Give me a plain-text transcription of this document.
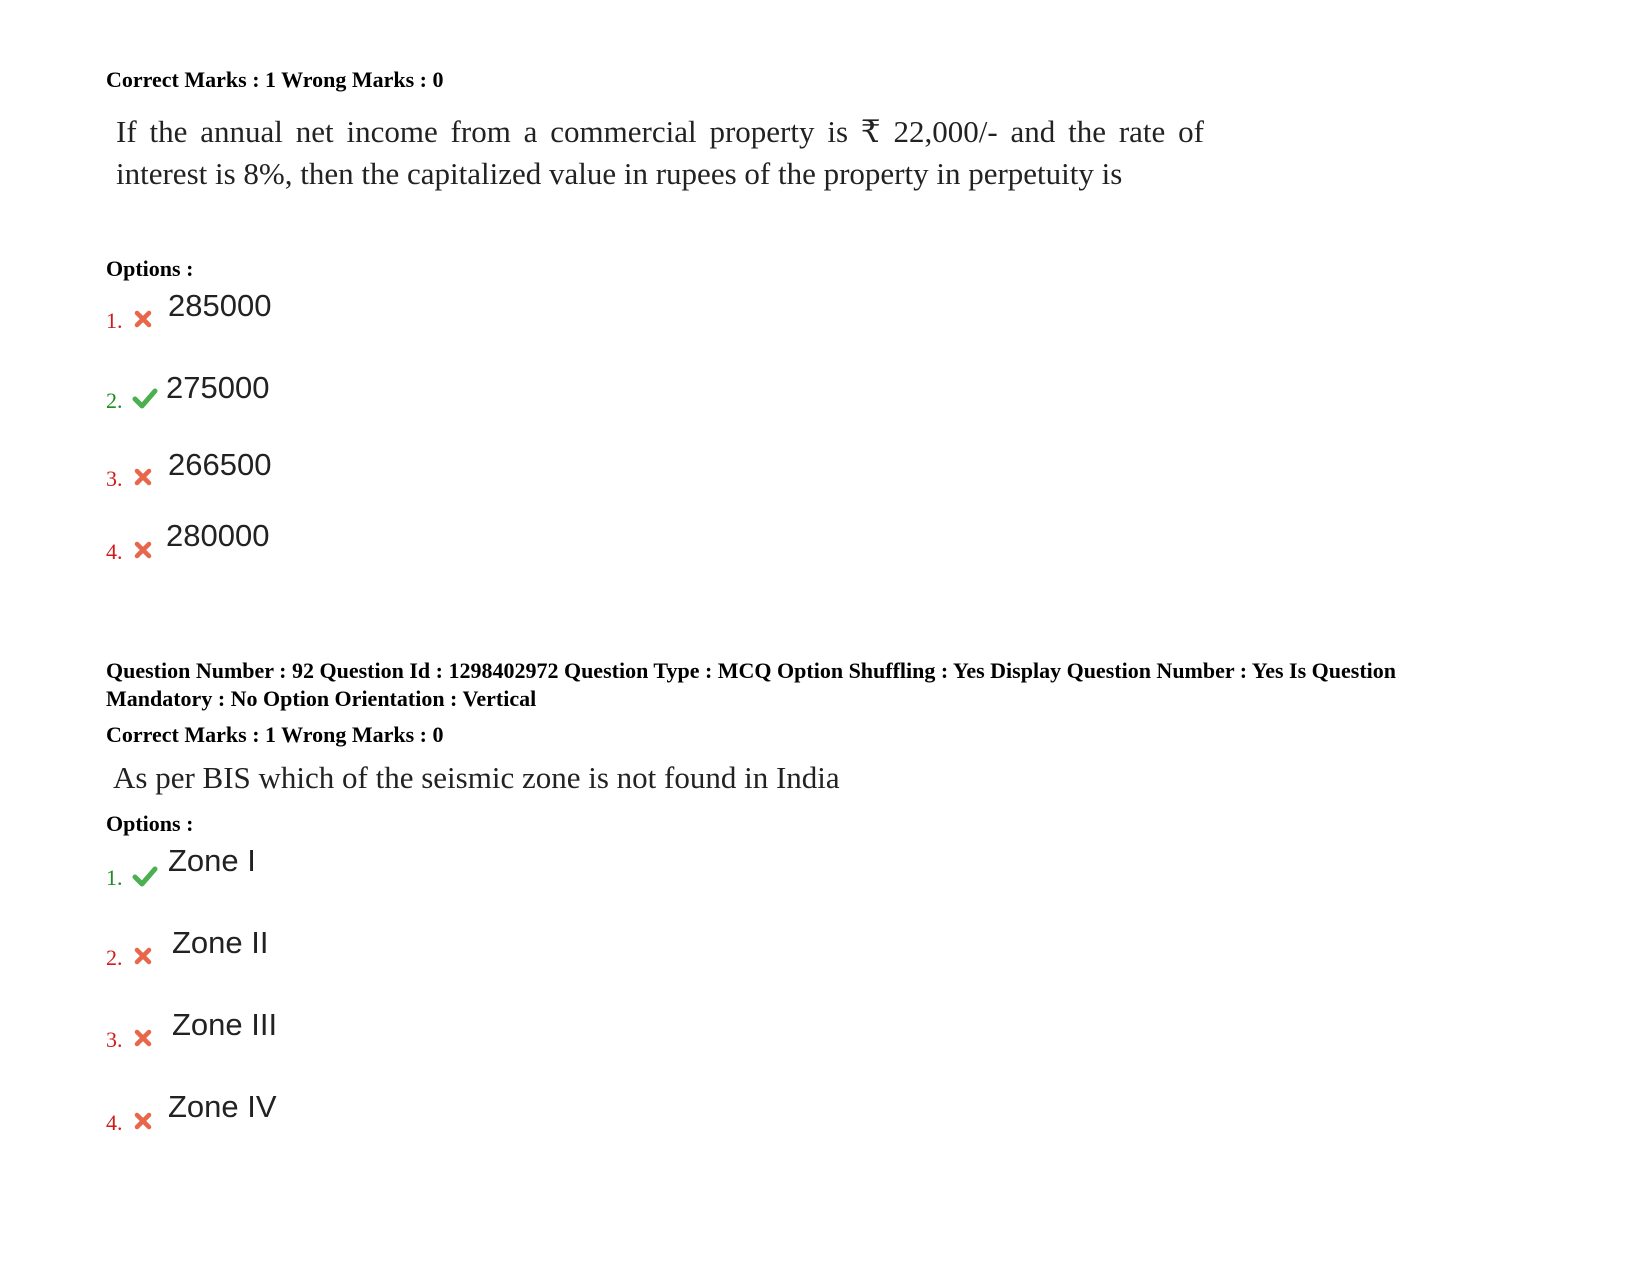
Correct Marks : 1 Wrong Marks : 0
If the annual net income from a commercial property is ₹ 22,000/- and the rate of interest is 8%, then the capitalized value in rupees of the property in perpetuity is
Options :
1. 285000
2. 275000
3. 266500
4. 280000
Question Number : 92 Question Id : 1298402972 Question Type : MCQ Option Shuffling : Yes Display Question Number : Yes Is Question Mandatory : No Option Orientation : Vertical
Correct Marks : 1 Wrong Marks : 0
As per BIS which of the seismic zone is not found in India
Options :
1. Zone I
2. Zone II
3. Zone III
4. Zone IV
